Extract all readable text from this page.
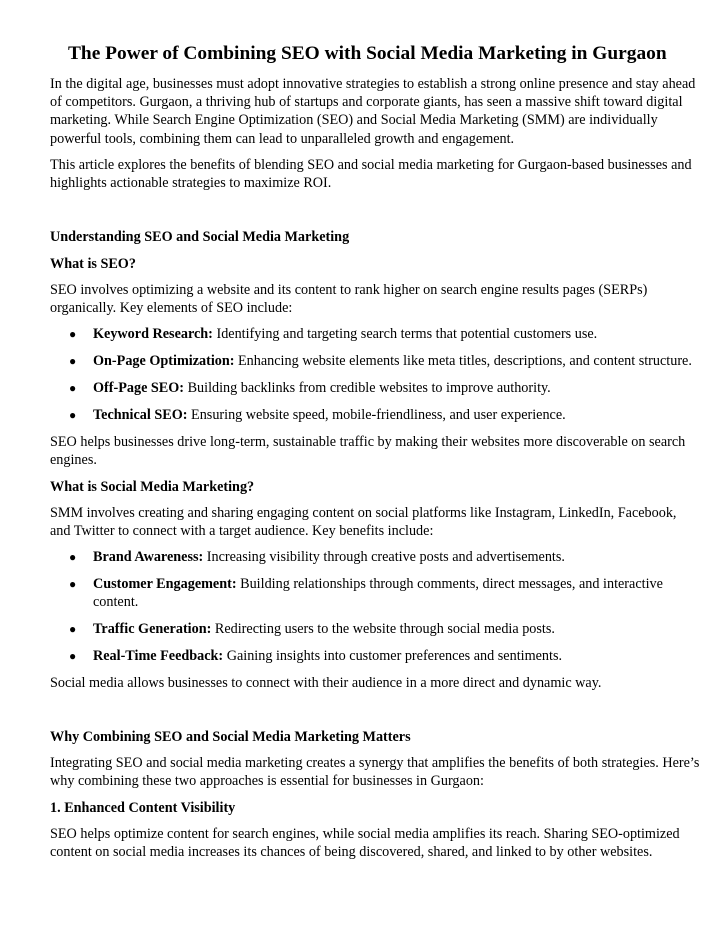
The Power of Combining SEO with Social Media Marketing in Gurgaon

In the digital age, businesses must adopt innovative strategies to establish a strong online presence and stay ahead of competitors. Gurgaon, a thriving hub of startups and corporate giants, has seen a massive shift toward digital marketing. While Search Engine Optimization (SEO) and Social Media Marketing (SMM) are individually powerful tools, combining them can lead to unparalleled growth and engagement.

This article explores the benefits of blending SEO and social media marketing for Gurgaon-based businesses and highlights actionable strategies to maximize ROI.

Understanding SEO and Social Media Marketing
What is SEO?

SEO involves optimizing a website and its content to rank higher on search engine results pages (SERPs) organically. Key elements of SEO include:

● Keyword Research: Identifying and targeting search terms that potential customers use.
● On-Page Optimization: Enhancing website elements like meta titles, descriptions, and content structure.
● Off-Page SEO: Building backlinks from credible websites to improve authority.
● Technical SEO: Ensuring website speed, mobile-friendliness, and user experience.

SEO helps businesses drive long-term, sustainable traffic by making their websites more discoverable on search engines.

What is Social Media Marketing?

SMM involves creating and sharing engaging content on social platforms like Instagram, LinkedIn, Facebook, and Twitter to connect with a target audience. Key benefits include:

● Brand Awareness: Increasing visibility through creative posts and advertisements.
● Customer Engagement: Building relationships through comments, direct messages, and interactive content.
● Traffic Generation: Redirecting users to the website through social media posts.
● Real-Time Feedback: Gaining insights into customer preferences and sentiments.

Social media allows businesses to connect with their audience in a more direct and dynamic way.

Why Combining SEO and Social Media Marketing Matters

Integrating SEO and social media marketing creates a synergy that amplifies the benefits of both strategies. Here’s why combining these two approaches is essential for businesses in Gurgaon:

1. Enhanced Content Visibility

SEO helps optimize content for search engines, while social media amplifies its reach. Sharing SEO-optimized content on social media increases its chances of being discovered, shared, and linked to by other websites.
